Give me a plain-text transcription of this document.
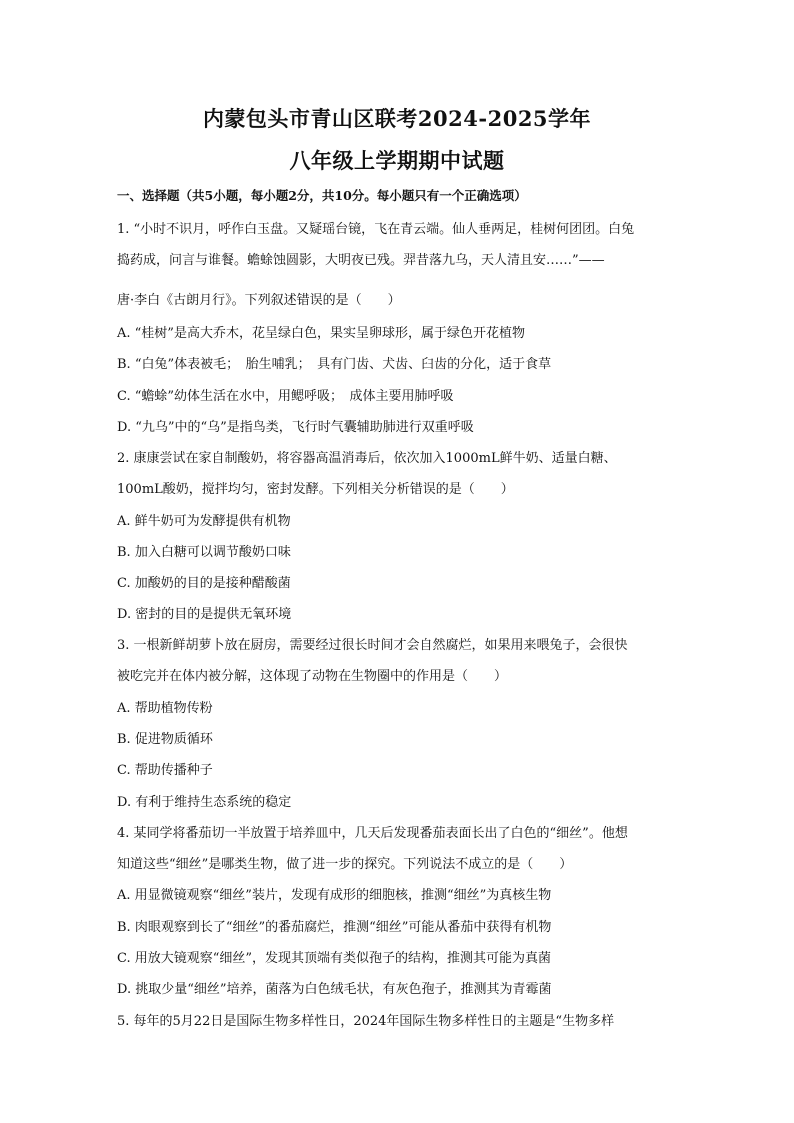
内蒙包头市青山区联考2024-2025学年
八年级上学期期中试题
一、选择题（共5小题，每小题2分，共10分。每小题只有一个正确选项）
1. “小时不识月，呼作白玉盘。又疑瑶台镜，飞在青云端。仙人垂两足，桂树何团团。白兔
捣药成，问言与谁餐。蟾蜍蚀圆影，大明夜已残。羿昔落九乌，天人清且安……”——
唐·李白《古朗月行》。下列叙述错误的是（　　）
A. “桂树”是高大乔木，花呈绿白色，果实呈卵球形，属于绿色开花植物
B. “白兔”体表被毛；　胎生哺乳；　具有门齿、犬齿、臼齿的分化，适于食草
C. “蟾蜍”幼体生活在水中，用鳃呼吸；　成体主要用肺呼吸
D. “九乌”中的“乌”是指鸟类，飞行时气囊辅助肺进行双重呼吸
2. 康康尝试在家自制酸奶，将容器高温消毒后，依次加入1000mL鲜牛奶、适量白糖、
100mL酸奶，搅拌均匀，密封发酵。下列相关分析错误的是（　　）
A. 鲜牛奶可为发酵提供有机物
B. 加入白糖可以调节酸奶口味
C. 加酸奶的目的是接种醋酸菌
D. 密封的目的是提供无氧环境
3. 一根新鲜胡萝卜放在厨房，需要经过很长时间才会自然腐烂，如果用来喂兔子，会很快
被吃完并在体内被分解，这体现了动物在生物圈中的作用是（　　）
A. 帮助植物传粉
B. 促进物质循环
C. 帮助传播种子
D. 有利于维持生态系统的稳定
4. 某同学将番茄切一半放置于培养皿中，几天后发现番茄表面长出了白色的“细丝”。他想
知道这些“细丝”是哪类生物，做了进一步的探究。下列说法不成立的是（　　）
A. 用显微镜观察“细丝”装片，发现有成形的细胞核，推测“细丝”为真核生物
B. 肉眼观察到长了“细丝”的番茄腐烂，推测“细丝”可能从番茄中获得有机物
C. 用放大镜观察“细丝”，发现其顶端有类似孢子的结构，推测其可能为真菌
D. 挑取少量“细丝”培养，菌落为白色绒毛状，有灰色孢子，推测其为青霉菌
5. 每年的5月22日是国际生物多样性日，2024年国际生物多样性日的主题是“生物多样
